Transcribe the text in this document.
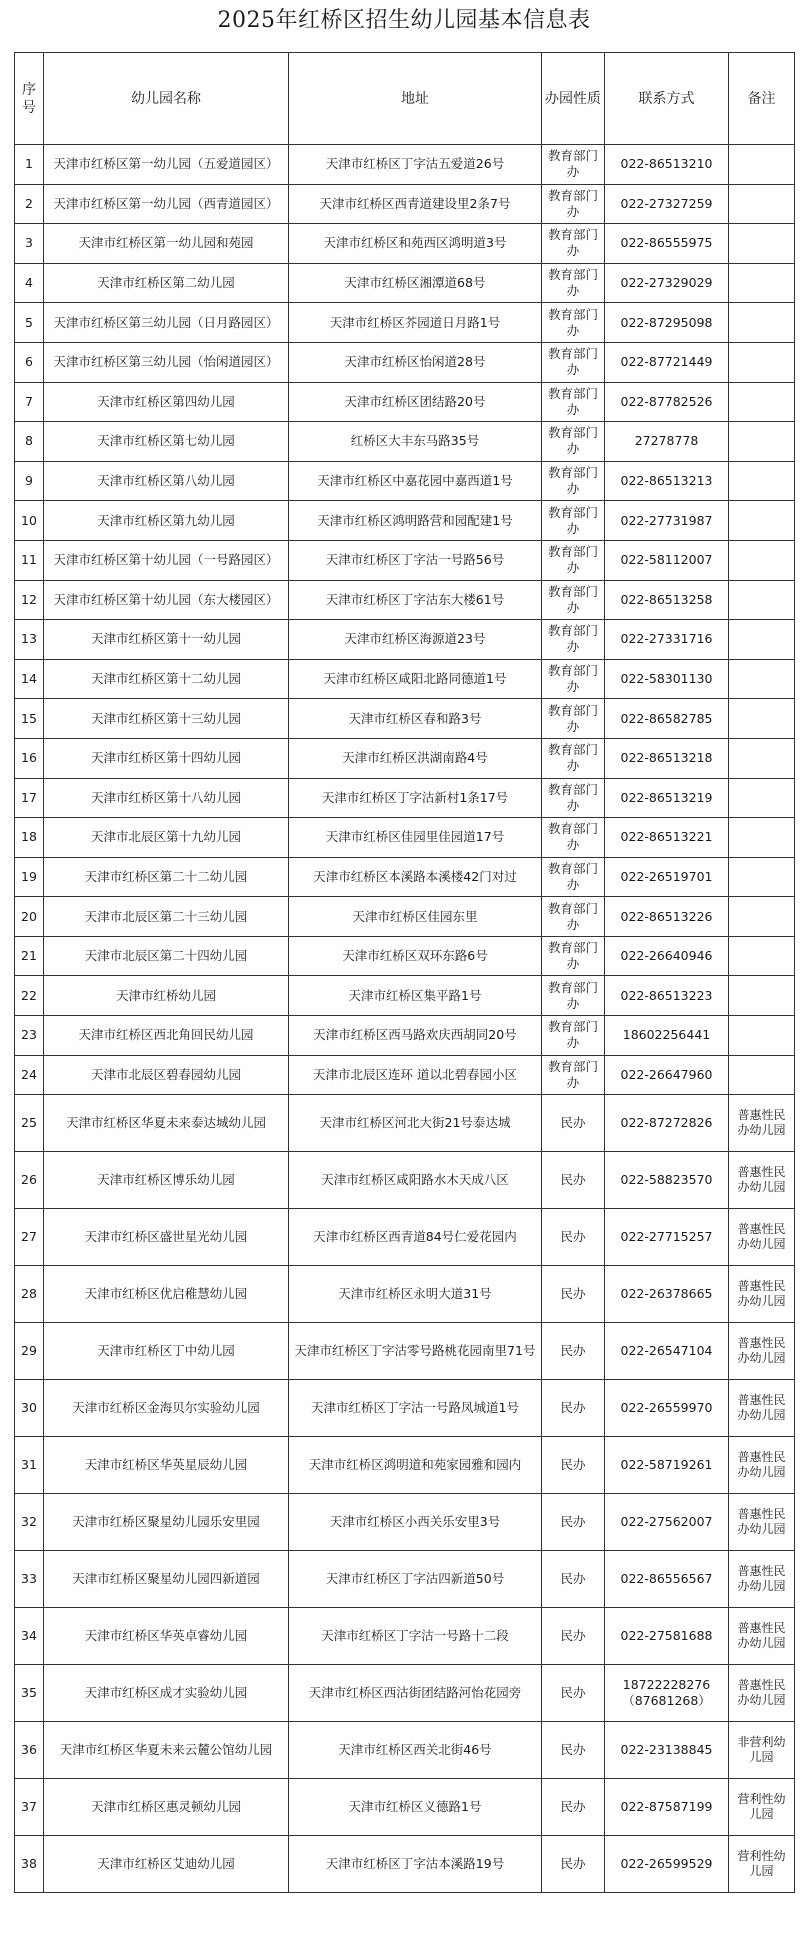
2025年红桥区招生幼儿园基本信息表
序号	幼儿园名称	地址	办园性质	联系方式	备注
1	天津市红桥区第一幼儿园（五爱道园区）	天津市红桥区丁字沽五爱道26号	教育部门办	022-86513210	
2	天津市红桥区第一幼儿园（西青道园区）	天津市红桥区西青道建设里2条7号	教育部门办	022-27327259	
3	天津市红桥区第一幼儿园和苑园	天津市红桥区和苑西区鸿明道3号	教育部门办	022-86555975	
4	天津市红桥区第二幼儿园	天津市红桥区湘潭道68号	教育部门办	022-27329029	
5	天津市红桥区第三幼儿园（日月路园区）	天津市红桥区芥园道日月路1号	教育部门办	022-87295098	
6	天津市红桥区第三幼儿园（怡闲道园区）	天津市红桥区怡闲道28号	教育部门办	022-87721449	
7	天津市红桥区第四幼儿园	天津市红桥区团结路20号	教育部门办	022-87782526	
8	天津市红桥区第七幼儿园	红桥区大丰东马路35号	教育部门办	27278778	
9	天津市红桥区第八幼儿园	天津市红桥区中嘉花园中嘉西道1号	教育部门办	022-86513213	
10	天津市红桥区第九幼儿园	天津市红桥区鸿明路营和园配建1号	教育部门办	022-27731987	
11	天津市红桥区第十幼儿园（一号路园区）	天津市红桥区丁字沽一号路56号	教育部门办	022-58112007	
12	天津市红桥区第十幼儿园（东大楼园区）	天津市红桥区丁字沽东大楼61号	教育部门办	022-86513258	
13	天津市红桥区第十一幼儿园	天津市红桥区海源道23号	教育部门办	022-27331716	
14	天津市红桥区第十二幼儿园	天津市红桥区咸阳北路同德道1号	教育部门办	022-58301130	
15	天津市红桥区第十三幼儿园	天津市红桥区春和路3号	教育部门办	022-86582785	
16	天津市红桥区第十四幼儿园	天津市红桥区洪湖南路4号	教育部门办	022-86513218	
17	天津市红桥区第十八幼儿园	天津市红桥区丁字沽新村1条17号	教育部门办	022-86513219	
18	天津市北辰区第十九幼儿园	天津市红桥区佳园里佳园道17号	教育部门办	022-86513221	
19	天津市红桥区第二十二幼儿园	天津市红桥区本溪路本溪楼42门对过	教育部门办	022-26519701	
20	天津市北辰区第二十三幼儿园	天津市红桥区佳园东里	教育部门办	022-86513226	
21	天津市北辰区第二十四幼儿园	天津市红桥区双环东路6号	教育部门办	022-26640946	
22	天津市红桥幼儿园	天津市红桥区集平路1号	教育部门办	022-86513223	
23	天津市红桥区西北角回民幼儿园	天津市红桥区西马路欢庆西胡同20号	教育部门办	18602256441	
24	天津市北辰区碧春园幼儿园	天津市北辰区连环 道以北碧春园小区	教育部门办	022-26647960	
25	天津市红桥区华夏未来泰达城幼儿园	天津市红桥区河北大街21号泰达城	民办	022-87272826	普惠性民办幼儿园
26	天津市红桥区博乐幼儿园	天津市红桥区咸阳路水木天成八区	民办	022-58823570	普惠性民办幼儿园
27	天津市红桥区盛世星光幼儿园	天津市红桥区西青道84号仁爱花园内	民办	022-27715257	普惠性民办幼儿园
28	天津市红桥区优启稚慧幼儿园	天津市红桥区永明大道31号	民办	022-26378665	普惠性民办幼儿园
29	天津市红桥区丁中幼儿园	天津市红桥区丁字沽零号路桃花园南里71号	民办	022-26547104	普惠性民办幼儿园
30	天津市红桥区金海贝尔实验幼儿园	天津市红桥区丁字沽一号路凤城道1号	民办	022-26559970	普惠性民办幼儿园
31	天津市红桥区华英星辰幼儿园	天津市红桥区鸿明道和苑家园雅和园内	民办	022-58719261	普惠性民办幼儿园
32	天津市红桥区聚星幼儿园乐安里园	天津市红桥区小西关乐安里3号	民办	022-27562007	普惠性民办幼儿园
33	天津市红桥区聚星幼儿园四新道园	天津市红桥区丁字沽四新道50号	民办	022-86556567	普惠性民办幼儿园
34	天津市红桥区华英卓睿幼儿园	天津市红桥区丁字沽一号路十二段	民办	022-27581688	普惠性民办幼儿园
35	天津市红桥区成才实验幼儿园	天津市红桥区西沽街团结路河怡花园旁	民办	18722228276（87681268）	普惠性民办幼儿园
36	天津市红桥区华夏未来云麓公馆幼儿园	天津市红桥区西关北街46号	民办	022-23138845	非营利幼儿园
37	天津市红桥区惠灵顿幼儿园	天津市红桥区义德路1号	民办	022-87587199	营利性幼儿园
38	天津市红桥区艾迪幼儿园	天津市红桥区丁字沽本溪路19号	民办	022-26599529	营利性幼儿园
